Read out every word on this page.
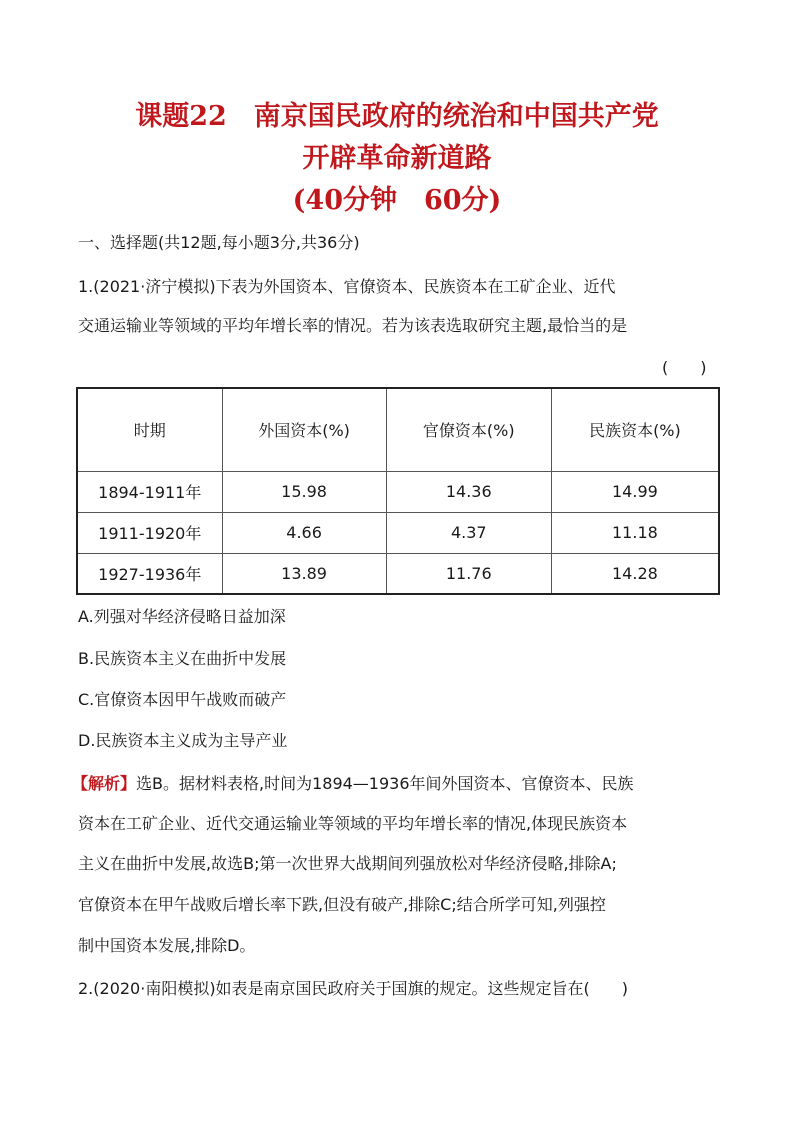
课题22　南京国民政府的统治和中国共产党
开辟革命新道路
(40分钟　60分)
一、选择题(共12题,每小题3分,共36分)
1.(2021·济宁模拟)下表为外国资本、官僚资本、民族资本在工矿企业、近代
交通运输业等领域的平均年增长率的情况。若为该表选取研究主题,最恰当的是
(　　)
时期	外国资本(%)	官僚资本(%)	民族资本(%)
1894-1911年	15.98	14.36	14.99
1911-1920年	4.66	4.37	11.18
1927-1936年	13.89	11.76	14.28
A.列强对华经济侵略日益加深
B.民族资本主义在曲折中发展
C.官僚资本因甲午战败而破产
D.民族资本主义成为主导产业
【解析】选B。据材料表格,时间为1894—1936年间外国资本、官僚资本、民族
资本在工矿企业、近代交通运输业等领域的平均年增长率的情况,体现民族资本
主义在曲折中发展,故选B;第一次世界大战期间列强放松对华经济侵略,排除A;
官僚资本在甲午战败后增长率下跌,但没有破产,排除C;结合所学可知,列强控
制中国资本发展,排除D。
2.(2020·南阳模拟)如表是南京国民政府关于国旗的规定。这些规定旨在(　　)
